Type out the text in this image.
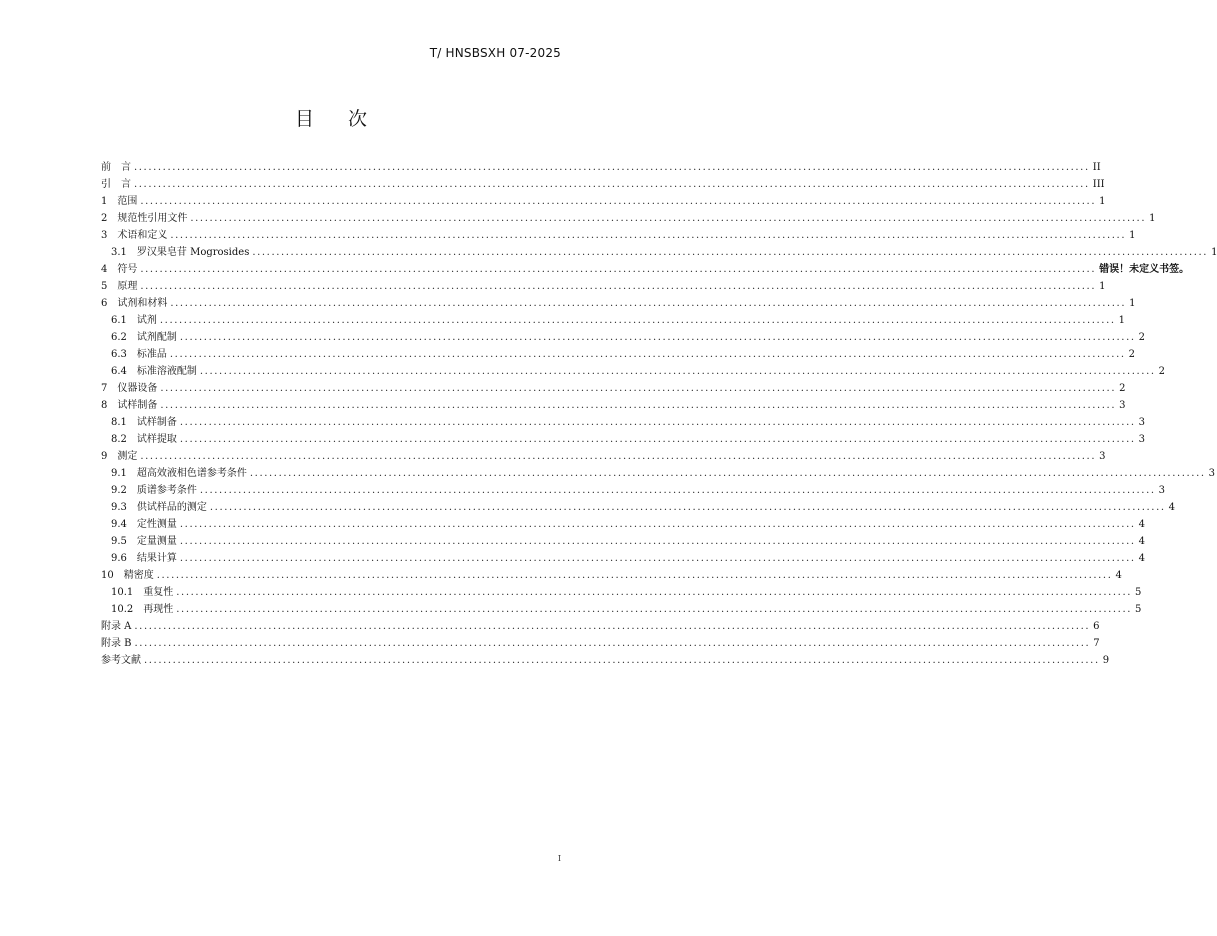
T/ HNSBSXH 07-2025
目 次
前　言 ........................................................................................................................................................................................................ II
引　言 ........................................................................................................................................................................................................ III
1 范围 ........................................................................................................................................................................................................ 1
2 规范性引用文件 ........................................................................................................................................................................................................ 1
3 术语和定义 ........................................................................................................................................................................................................ 1
3.1 罗汉果皂苷 Mogrosides ........................................................................................................................................................................................................ 1
4 符号 ........................................................................................................................................................................................................ 错误！未定义书签。
5 原理 ........................................................................................................................................................................................................ 1
6 试剂和材料 ........................................................................................................................................................................................................ 1
6.1 试剂 ........................................................................................................................................................................................................ 1
6.2 试剂配制 ........................................................................................................................................................................................................ 2
6.3 标准品 ........................................................................................................................................................................................................ 2
6.4 标准溶液配制 ........................................................................................................................................................................................................ 2
7 仪器设备 ........................................................................................................................................................................................................ 2
8 试样制备 ........................................................................................................................................................................................................ 3
8.1 试样制备 ........................................................................................................................................................................................................ 3
8.2 试样提取 ........................................................................................................................................................................................................ 3
9 测定 ........................................................................................................................................................................................................ 3
9.1 超高效液相色谱参考条件 ........................................................................................................................................................................................................ 3
9.2 质谱参考条件 ........................................................................................................................................................................................................ 3
9.3 供试样品的测定 ........................................................................................................................................................................................................ 4
9.4 定性测量 ........................................................................................................................................................................................................ 4
9.5 定量测量 ........................................................................................................................................................................................................ 4
9.6 结果计算 ........................................................................................................................................................................................................ 4
10 精密度 ........................................................................................................................................................................................................ 4
10.1 重复性 ........................................................................................................................................................................................................ 5
10.2 再现性 ........................................................................................................................................................................................................ 5
附录 A ........................................................................................................................................................................................................ 6
附录 B ........................................................................................................................................................................................................ 7
参考文献 ........................................................................................................................................................................................................ 9
I
